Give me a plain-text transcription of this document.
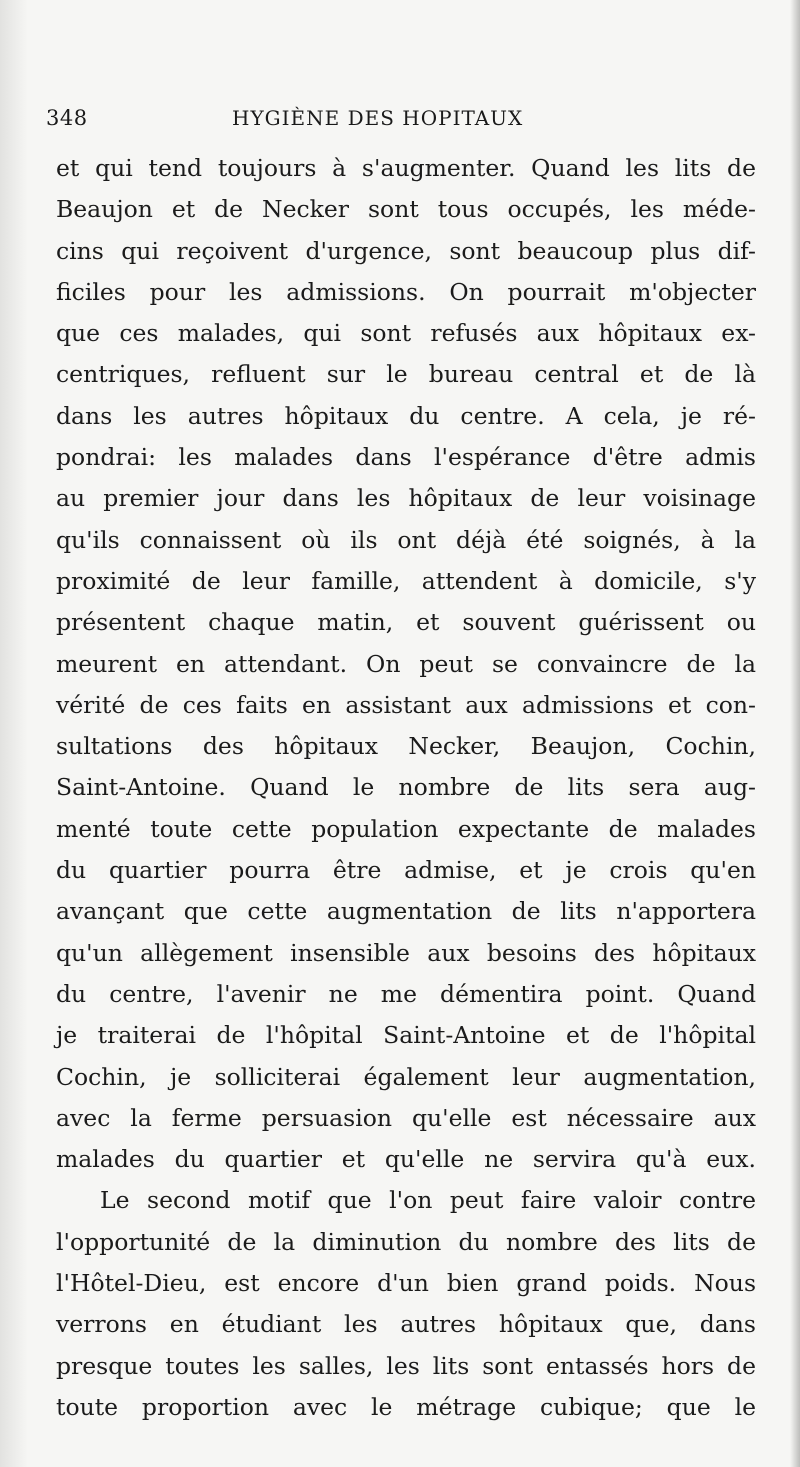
348	HYGIÈNE DES HOPITAUX
et qui tend toujours à s'augmenter. Quand les lits de
Beaujon et de Necker sont tous occupés, les méde-
cins qui reçoivent d'urgence, sont beaucoup plus dif-
ficiles pour les admissions. On pourrait m'objecter
que ces malades, qui sont refusés aux hôpitaux ex-
centriques, refluent sur le bureau central et de là
dans les autres hôpitaux du centre. A cela, je ré-
pondrai: les malades dans l'espérance d'être admis
au premier jour dans les hôpitaux de leur voisinage
qu'ils connaissent où ils ont déjà été soignés, à la
proximité de leur famille, attendent à domicile, s'y
présentent chaque matin, et souvent guérissent ou
meurent en attendant. On peut se convaincre de la
vérité de ces faits en assistant aux admissions et con-
sultations des hôpitaux Necker, Beaujon, Cochin,
Saint-Antoine. Quand le nombre de lits sera aug-
menté toute cette population expectante de malades
du quartier pourra être admise, et je crois qu'en
avançant que cette augmentation de lits n'apportera
qu'un allègement insensible aux besoins des hôpitaux
du centre, l'avenir ne me démentira point. Quand
je traiterai de l'hôpital Saint-Antoine et de l'hôpital
Cochin, je solliciterai également leur augmentation,
avec la ferme persuasion qu'elle est nécessaire aux
malades du quartier et qu'elle ne servira qu'à eux.
Le second motif que l'on peut faire valoir contre
l'opportunité de la diminution du nombre des lits de
l'Hôtel-Dieu, est encore d'un bien grand poids. Nous
verrons en étudiant les autres hôpitaux que, dans
presque toutes les salles, les lits sont entassés hors de
toute proportion avec le métrage cubique; que le
